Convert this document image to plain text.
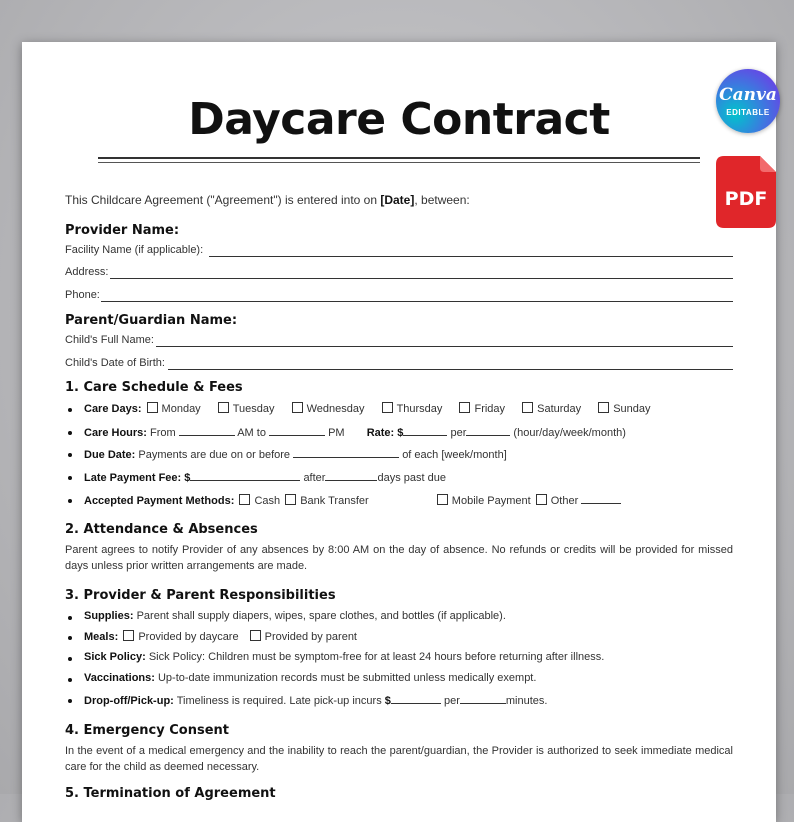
Daycare Contract
This Childcare Agreement ("Agreement") is entered into on [Date], between:
Provider Name:
Facility Name (if applicable):
Address:
Phone:
Parent/Guardian Name:
Child's Full Name:
Child's Date of Birth:
1. Care Schedule & Fees
Care Days: Monday	Tuesday	Wednesday	Thursday	Friday	Saturday	Sunday
Care Hours: From	AM to	PM Rate: $	per	(hour/day/week/month)
Due Date: Payments are due on or before	of each [week/month]
Late Payment Fee: $	after	days past due
Accepted Payment Methods: Cash Bank Transfer	Mobile Payment Other
2. Attendance & Absences
Parent agrees to notify Provider of any absences by 8:00 AM on the day of absence. No refunds or credits will be provided for missed days unless prior written arrangements are made.
3. Provider & Parent Responsibilities
Supplies: Parent shall supply diapers, wipes, spare clothes, and bottles (if applicable).
Meals: Provided by daycare Provided by parent
Sick Policy: Sick Policy: Children must be symptom-free for at least 24 hours before returning after illness.
Vaccinations: Up-to-date immunization records must be submitted unless medically exempt.
Drop-off/Pick-up: Timeliness is required. Late pick-up incurs $	per	minutes.
4. Emergency Consent
In the event of a medical emergency and the inability to reach the parent/guardian, the Provider is authorized to seek immediate medical care for the child as deemed necessary.
5. Termination of Agreement
Canva
EDITABLE
PDF
